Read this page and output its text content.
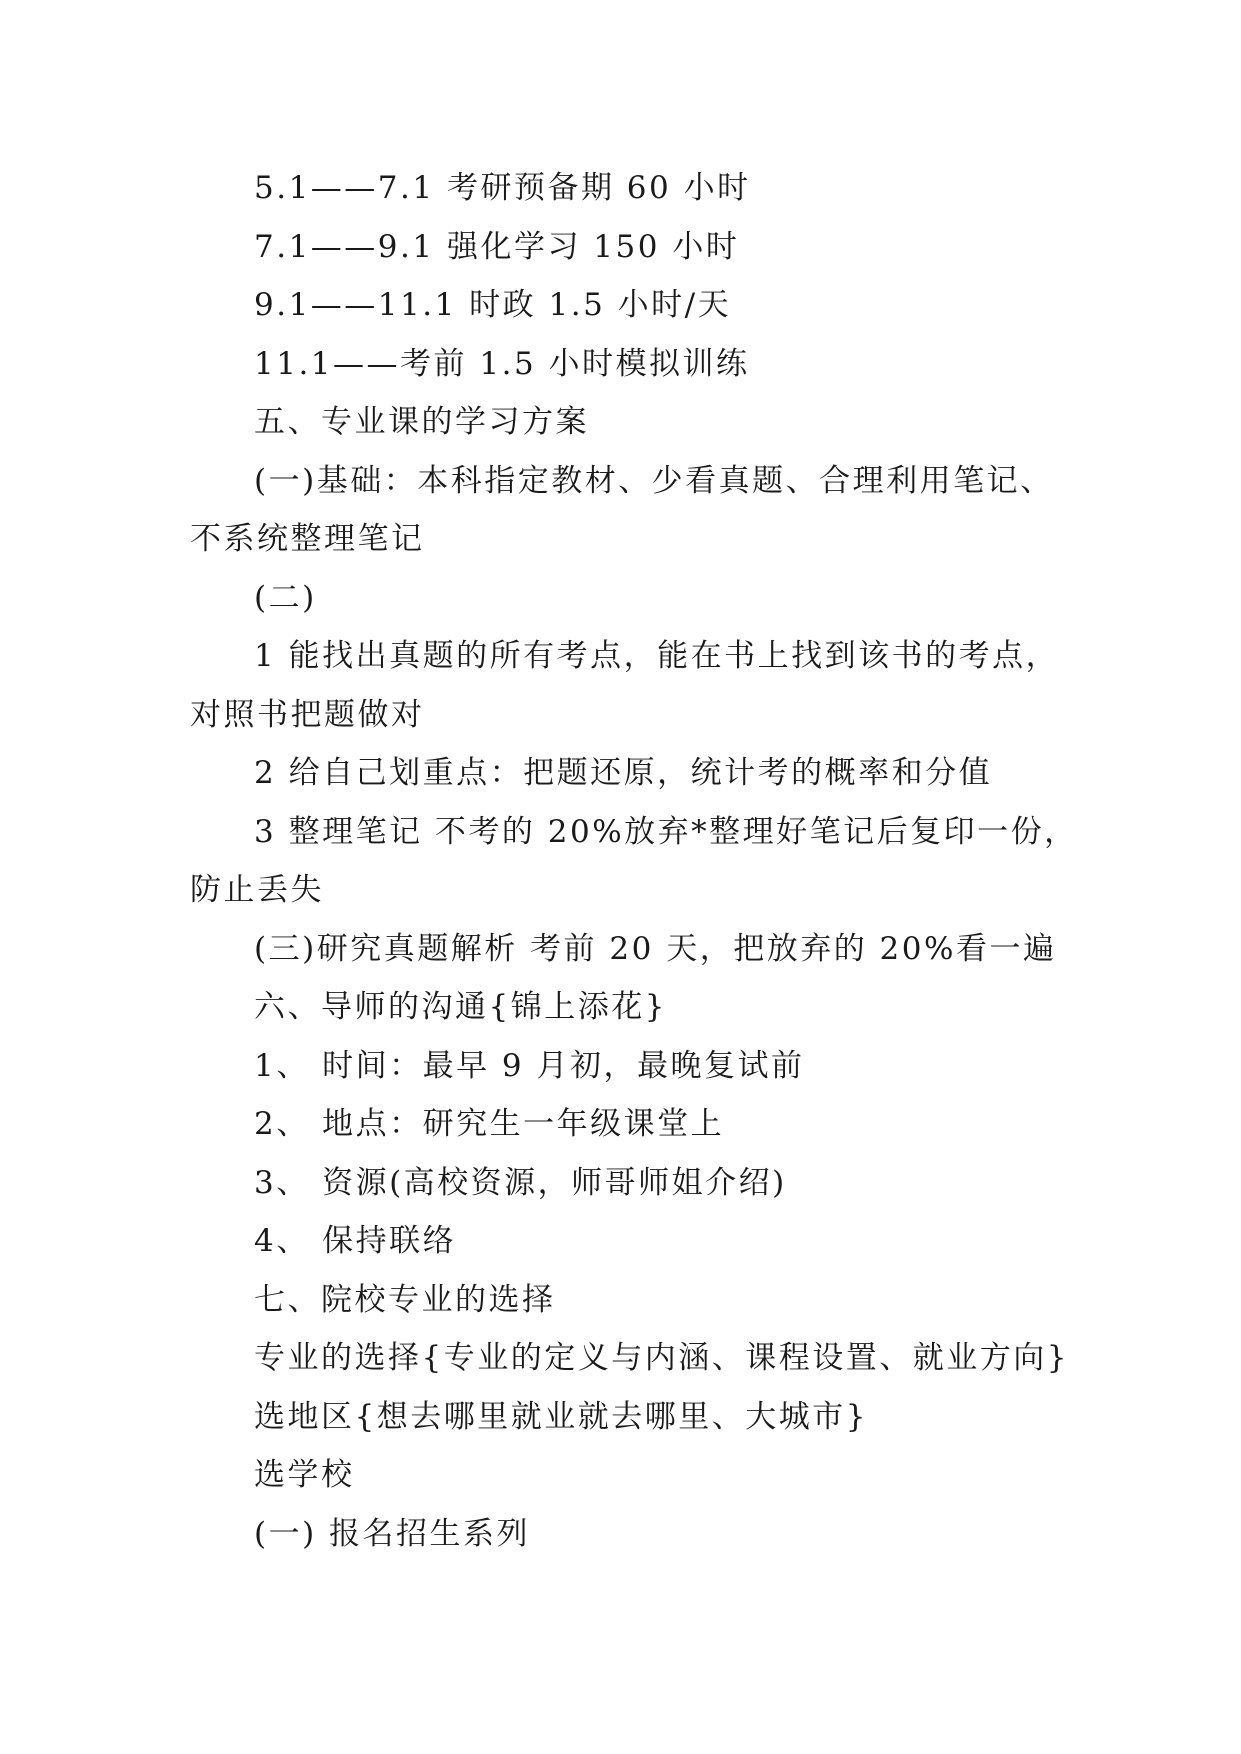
5.1——7.1 考研预备期 60 小时
7.1——9.1 强化学习 150 小时
9.1——11.1 时政 1.5 小时/天
11.1——考前 1.5 小时模拟训练
五、专业课的学习方案
(一)基础：本科指定教材、少看真题、合理利用笔记、
不系统整理笔记
(二)
1 能找出真题的所有考点，能在书上找到该书的考点，
对照书把题做对
2 给自己划重点：把题还原，统计考的概率和分值
3 整理笔记 不考的 20%放弃*整理好笔记后复印一份，
防止丢失
(三)研究真题解析 考前 20 天，把放弃的 20%看一遍
六、导师的沟通{锦上添花}
1、 时间：最早 9 月初，最晚复试前
2、 地点：研究生一年级课堂上
3、 资源(高校资源，师哥师姐介绍)
4、 保持联络
七、院校专业的选择
专业的选择{专业的定义与内涵、课程设置、就业方向}
选地区{想去哪里就业就去哪里、大城市}
选学校
(一) 报名招生系列
